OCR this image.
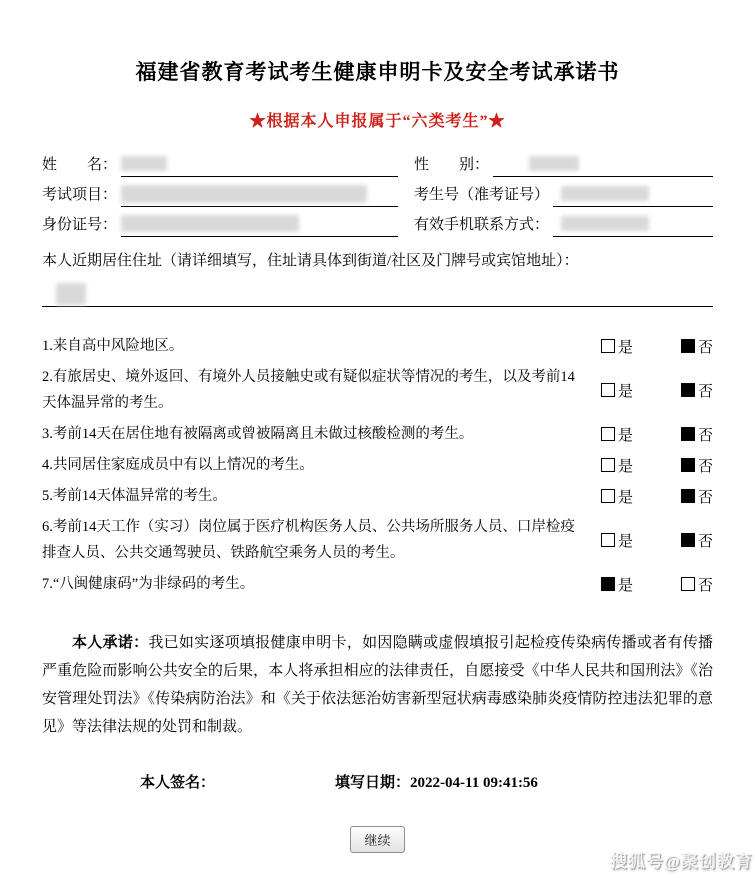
福建省教育考试考生健康申明卡及安全考试承诺书
★根据本人申报属于“六类考生”★
姓　　名：	性　　别：
考试项目：	考生号（准考证号）
身份证号：	有效手机联系方式：
本人近期居住住址（请详细填写，住址请具体到街道/社区及门牌号或宾馆地址）：
1.来自高中风险地区。	是	否
2.有旅居史、境外返回、有境外人员接触史或有疑似症状等情况的考生，以及考前14天体温异常的考生。
是	否
3.考前14天在居住地有被隔离或曾被隔离且未做过核酸检测的考生。	是	否
4.共同居住家庭成员中有以上情况的考生。	是	否
5.考前14天体温异常的考生。	是	否
6.考前14天工作（实习）岗位属于医疗机构医务人员、公共场所服务人员、口岸检疫排查人员、公共交通驾驶员、铁路航空乘务人员的考生。
是	否
7.“八闽健康码”为非绿码的考生。	是	否
本人承诺：我已如实逐项填报健康申明卡，如因隐瞒或虚假填报引起检疫传染病传播或者有传播严重危险而影响公共安全的后果，本人将承担相应的法律责任，自愿接受《中华人民共和国刑法》《治安管理处罚法》《传染病防治法》和《关于依法惩治妨害新型冠状病毒感染肺炎疫情防控违法犯罪的意见》等法律法规的处罚和制裁。
本人签名：	填写日期：2022-04-11 09:41:56
继续
搜狐号@聚创教育
